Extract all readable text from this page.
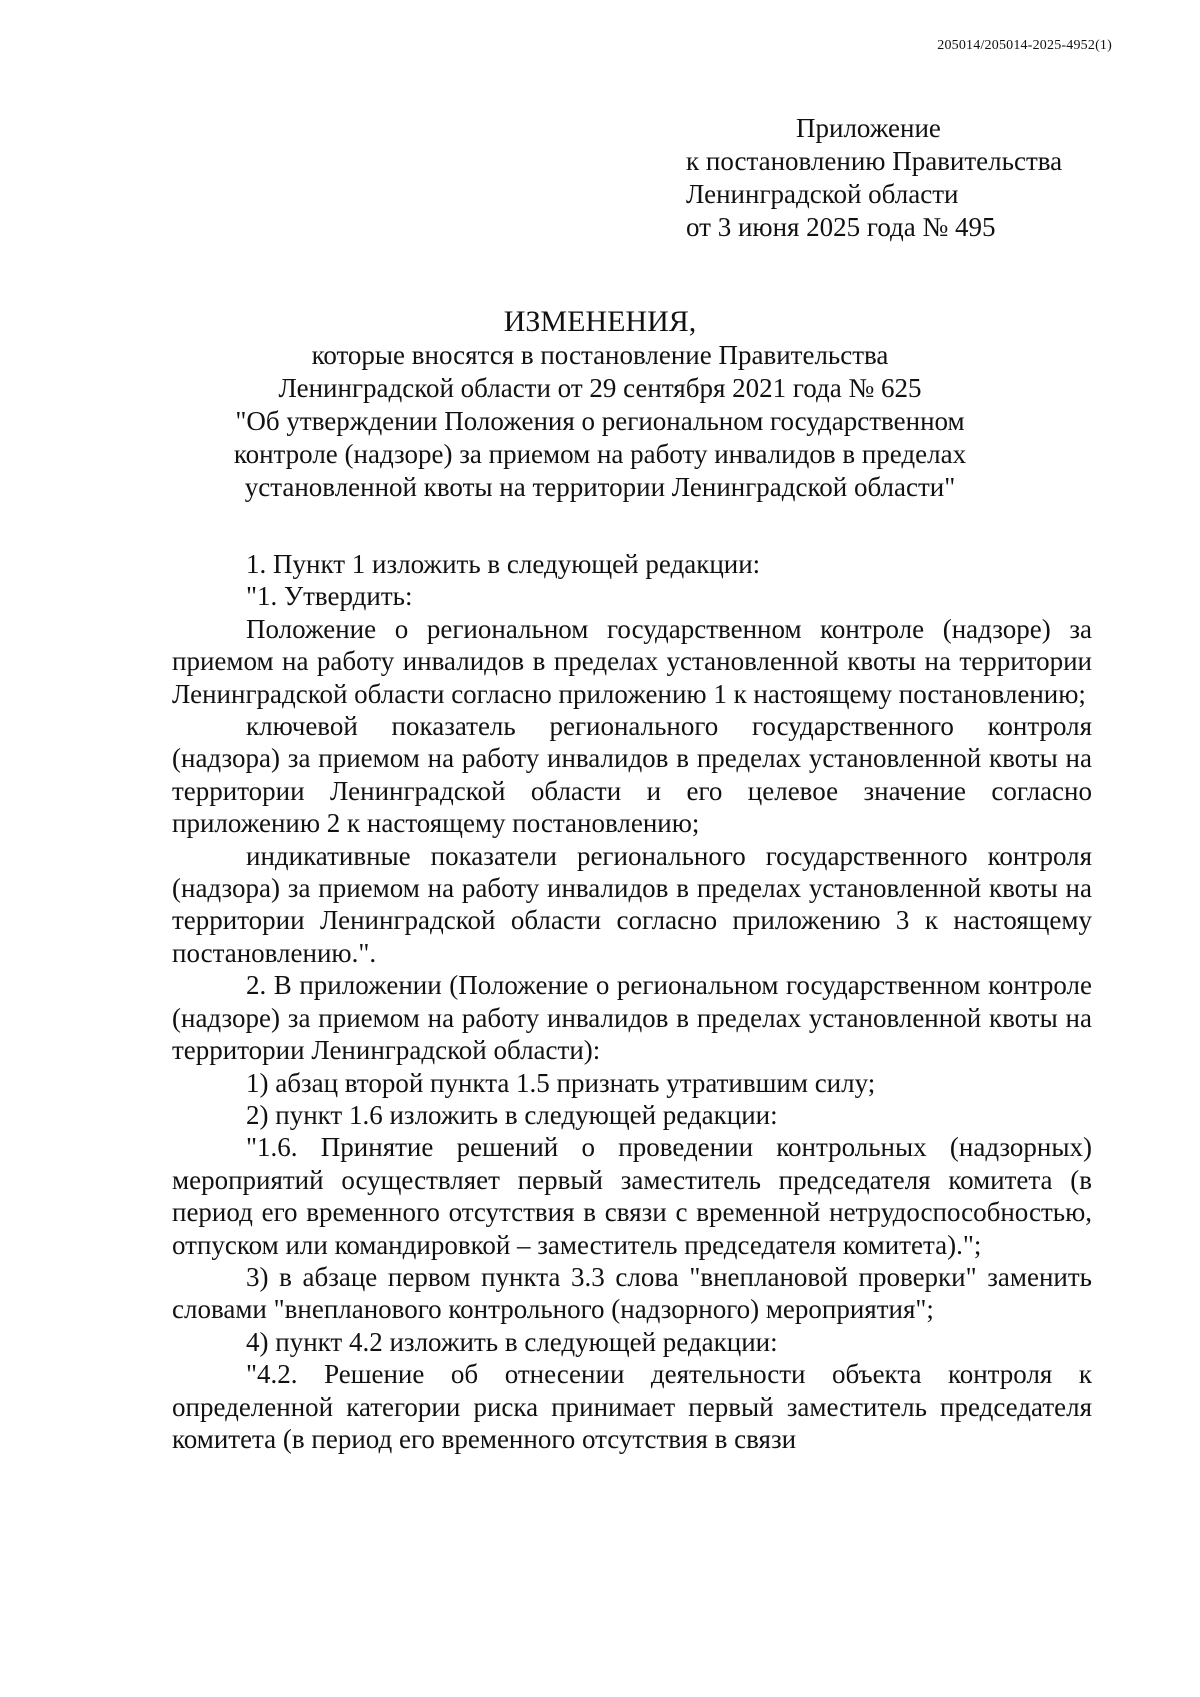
205014/205014-2025-4952(1)
Приложение
к постановлению Правительства
Ленинградской области
от 3 июня 2025 года № 495
ИЗМЕНЕНИЯ,
которые вносятся в постановление Правительства
Ленинградской области от 29 сентября 2021 года № 625
"Об утверждении Положения о региональном государственном
контроле (надзоре) за приемом на работу инвалидов в пределах
установленной квоты на территории Ленинградской области"

1. Пункт 1 изложить в следующей редакции:

"1. Утвердить:

Положение о региональном государственном контроле (надзоре) за приемом на работу инвалидов в пределах установленной квоты на территории Ленинградской области согласно приложению 1 к настоящему постановлению;

ключевой показатель регионального государственного контроля (надзора) за приемом на работу инвалидов в пределах установленной квоты на территории Ленинградской области и его целевое значение согласно приложению 2 к настоящему постановлению;

индикативные показатели регионального государственного контроля (надзора) за приемом на работу инвалидов в пределах установленной квоты на территории Ленинградской области согласно приложению 3 к настоящему постановлению.".

2. В приложении (Положение о региональном государственном контроле (надзоре) за приемом на работу инвалидов в пределах установленной квоты на территории Ленинградской области):

1) абзац второй пункта 1.5 признать утратившим силу;

2) пункт 1.6 изложить в следующей редакции:

"1.6. Принятие решений о проведении контрольных (надзорных) мероприятий осуществляет первый заместитель председателя комитета (в период его временного отсутствия в связи с временной нетрудоспособностью, отпуском или командировкой – заместитель председателя комитета).";

3) в абзаце первом пункта 3.3 слова "внеплановой проверки" заменить словами "внепланового контрольного (надзорного) мероприятия";

4) пункт 4.2 изложить в следующей редакции:

"4.2. Решение об отнесении деятельности объекта контроля к определенной категории риска принимает первый заместитель председателя комитета (в период его временного отсутствия в связи
